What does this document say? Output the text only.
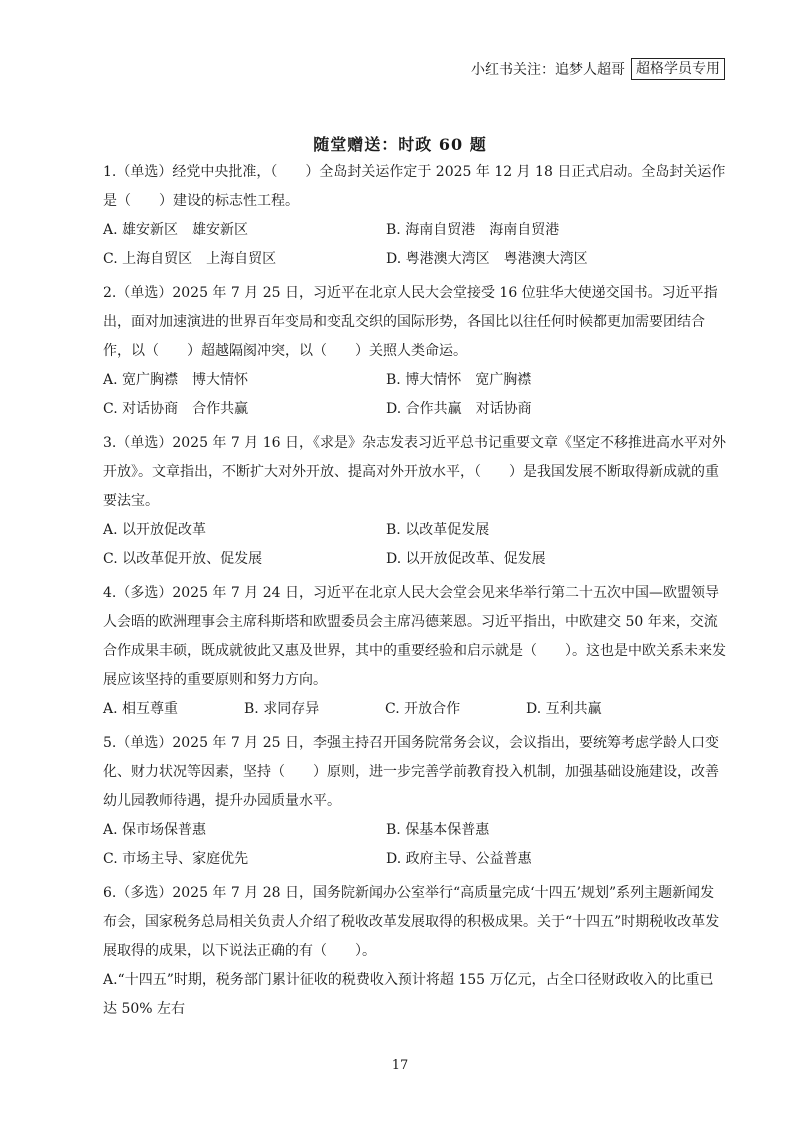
小红书关注：追梦人超哥 超格学员专用
随堂赠送：时政 60 题

1.（单选）经党中央批准，（　　）全岛封关运作定于 2025 年 12 月 18 日正式启动。全岛封关运作是（　　）建设的标志性工程。

A. 雄安新区　雄安新区	B. 海南自贸港　海南自贸港
C. 上海自贸区　上海自贸区	D. 粤港澳大湾区　粤港澳大湾区

2.（单选）2025 年 7 月 25 日，习近平在北京人民大会堂接受 16 位驻华大使递交国书。习近平指出，面对加速演进的世界百年变局和变乱交织的国际形势，各国比以往任何时候都更加需要团结合作，以（　　）超越隔阂冲突，以（　　）关照人类命运。

A. 宽广胸襟　博大情怀	B. 博大情怀　宽广胸襟
C. 对话协商　合作共赢	D. 合作共赢　对话协商

3.（单选）2025 年 7 月 16 日，《求是》杂志发表习近平总书记重要文章《坚定不移推进高水平对外开放》。文章指出，不断扩大对外开放、提高对外开放水平，（　　）是我国发展不断取得新成就的重要法宝。

A. 以开放促改革	B. 以改革促发展
C. 以改革促开放、促发展	D. 以开放促改革、促发展

4.（多选）2025 年 7 月 24 日，习近平在北京人民大会堂会见来华举行第二十五次中国—欧盟领导人会晤的欧洲理事会主席科斯塔和欧盟委员会主席冯德莱恩。习近平指出，中欧建交 50 年来，交流合作成果丰硕，既成就彼此又惠及世界，其中的重要经验和启示就是（　　）。这也是中欧关系未来发展应该坚持的重要原则和努力方向。

A. 相互尊重	B. 求同存异	C. 开放合作	D. 互利共赢

5.（单选）2025 年 7 月 25 日，李强主持召开国务院常务会议，会议指出，要统筹考虑学龄人口变化、财力状况等因素，坚持（　　）原则，进一步完善学前教育投入机制，加强基础设施建设，改善幼儿园教师待遇，提升办园质量水平。

A. 保市场保普惠	B. 保基本保普惠
C. 市场主导、家庭优先	D. 政府主导、公益普惠

6.（多选）2025 年 7 月 28 日，国务院新闻办公室举行“高质量完成‘十四五’规划”系列主题新闻发布会，国家税务总局相关负责人介绍了税收改革发展取得的积极成果。关于“十四五”时期税收改革发展取得的成果，以下说法正确的有（　　）。

A.“十四五”时期，税务部门累计征收的税费收入预计将超 155 万亿元，占全口径财政收入的比重已达 50% 左右

17
